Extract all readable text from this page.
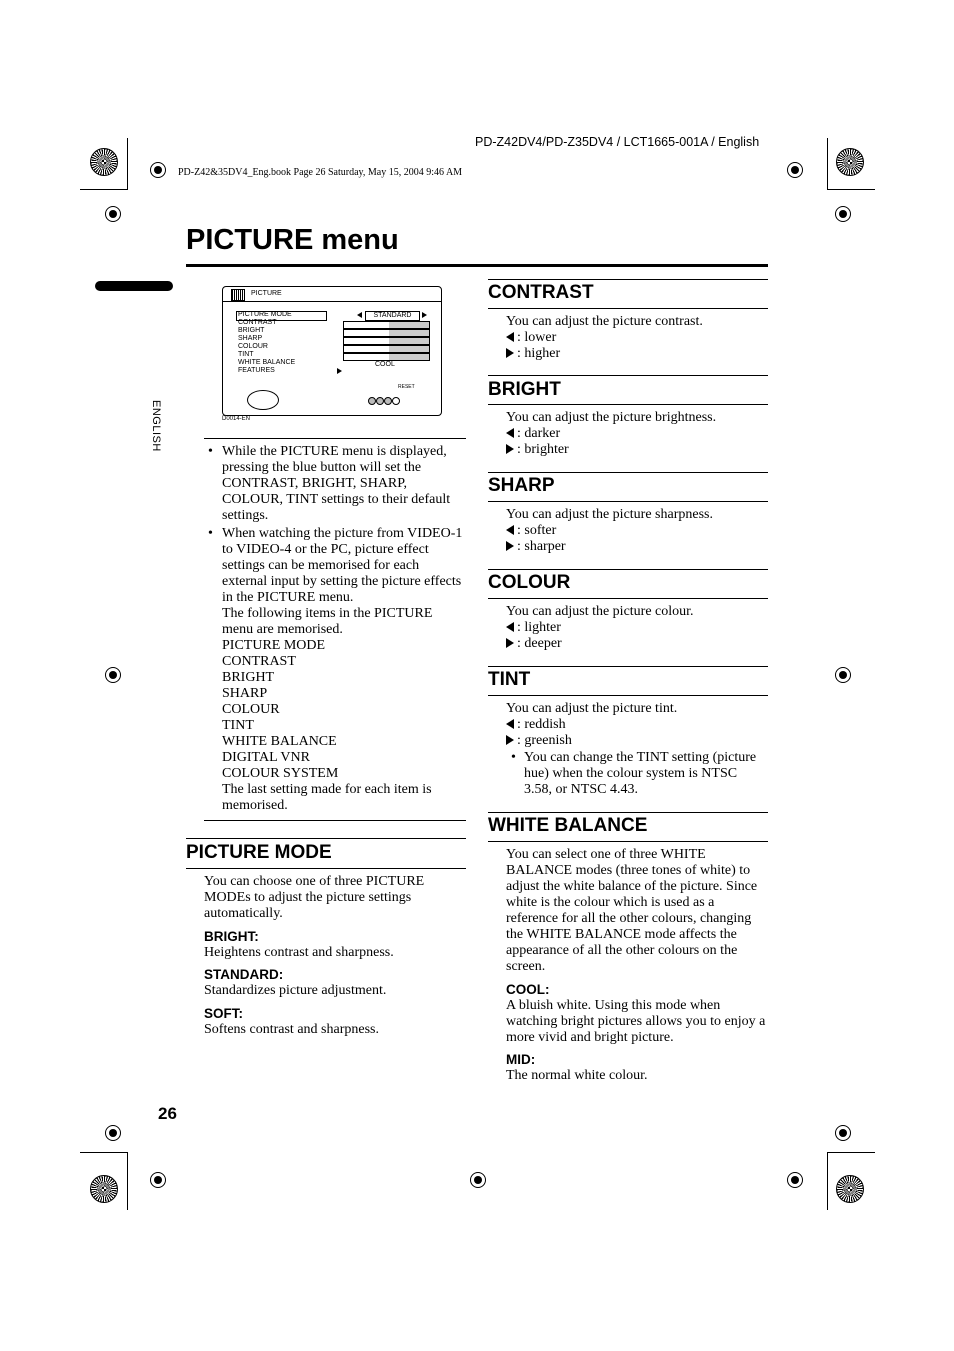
PD-Z42DV4/PD-Z35DV4 / LCT1665-001A / English
PD-Z42&35DV4_Eng.book Page 26 Saturday, May 15, 2004 9:46 AM
PICTURE menu
ENGLISH
PICTURE
PICTURE MODE
CONTRAST
BRIGHT
SHARP
COLOUR
TINT
WHITE BALANCE
FEATURES
STANDARD
COOL
RESET
D0014-EN
• While the PICTURE menu is displayed, pressing the blue button will set the CONTRAST, BRIGHT, SHARP, COLOUR, TINT settings to their default settings.
• When watching the picture from VIDEO-1 to VIDEO-4 or the PC, picture effect settings can be memorised for each external input by setting the picture effects in the PICTURE menu.
The following items in the PICTURE menu are memorised.
PICTURE MODE
CONTRAST
BRIGHT
SHARP
COLOUR
TINT
WHITE BALANCE
DIGITAL VNR
COLOUR SYSTEM
The last setting made for each item is memorised.
PICTURE MODE
You can choose one of three PICTURE MODEs to adjust the picture settings automatically.
BRIGHT:
Heightens contrast and sharpness.
STANDARD:
Standardizes picture adjustment.
SOFT:
Softens contrast and sharpness.
CONTRAST
You can adjust the picture contrast.
: lower
: higher
BRIGHT
You can adjust the picture brightness.
: darker
: brighter
SHARP
You can adjust the picture sharpness.
: softer
: sharper
COLOUR
You can adjust the picture colour.
: lighter
: deeper
TINT
You can adjust the picture tint.
: reddish
: greenish
• You can change the TINT setting (picture hue) when the colour system is NTSC 3.58, or NTSC 4.43.
WHITE BALANCE
You can select one of three WHITE BALANCE modes (three tones of white) to adjust the white balance of the picture. Since white is the colour which is used as a reference for all the other colours, changing the WHITE BALANCE mode affects the appearance of all the other colours on the screen.
COOL:
A bluish white. Using this mode when watching bright pictures allows you to enjoy a more vivid and bright picture.
MID:
The normal white colour.
26
